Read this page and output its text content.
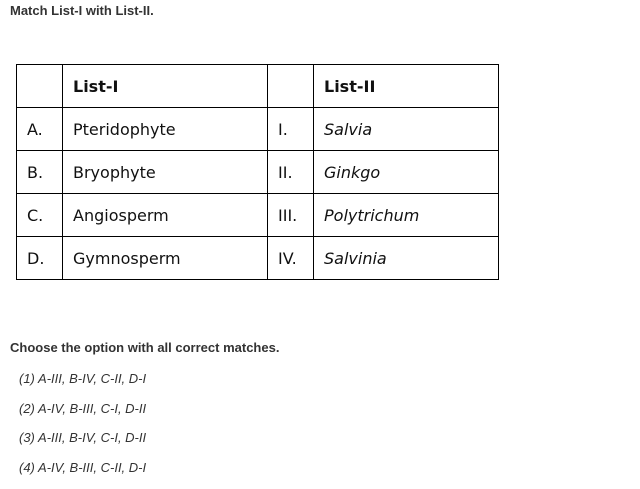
Match List-I with List-II.
	List-I		List-II
A.	Pteridophyte	I.	Salvia
B.	Bryophyte	II.	Ginkgo
C.	Angiosperm	III.	Polytrichum
D.	Gymnosperm	IV.	Salvinia
Choose the option with all correct matches.
(1) A-III, B-IV, C-II, D-I
(2) A-IV, B-III, C-I, D-II
(3) A-III, B-IV, C-I, D-II
(4) A-IV, B-III, C-II, D-I
